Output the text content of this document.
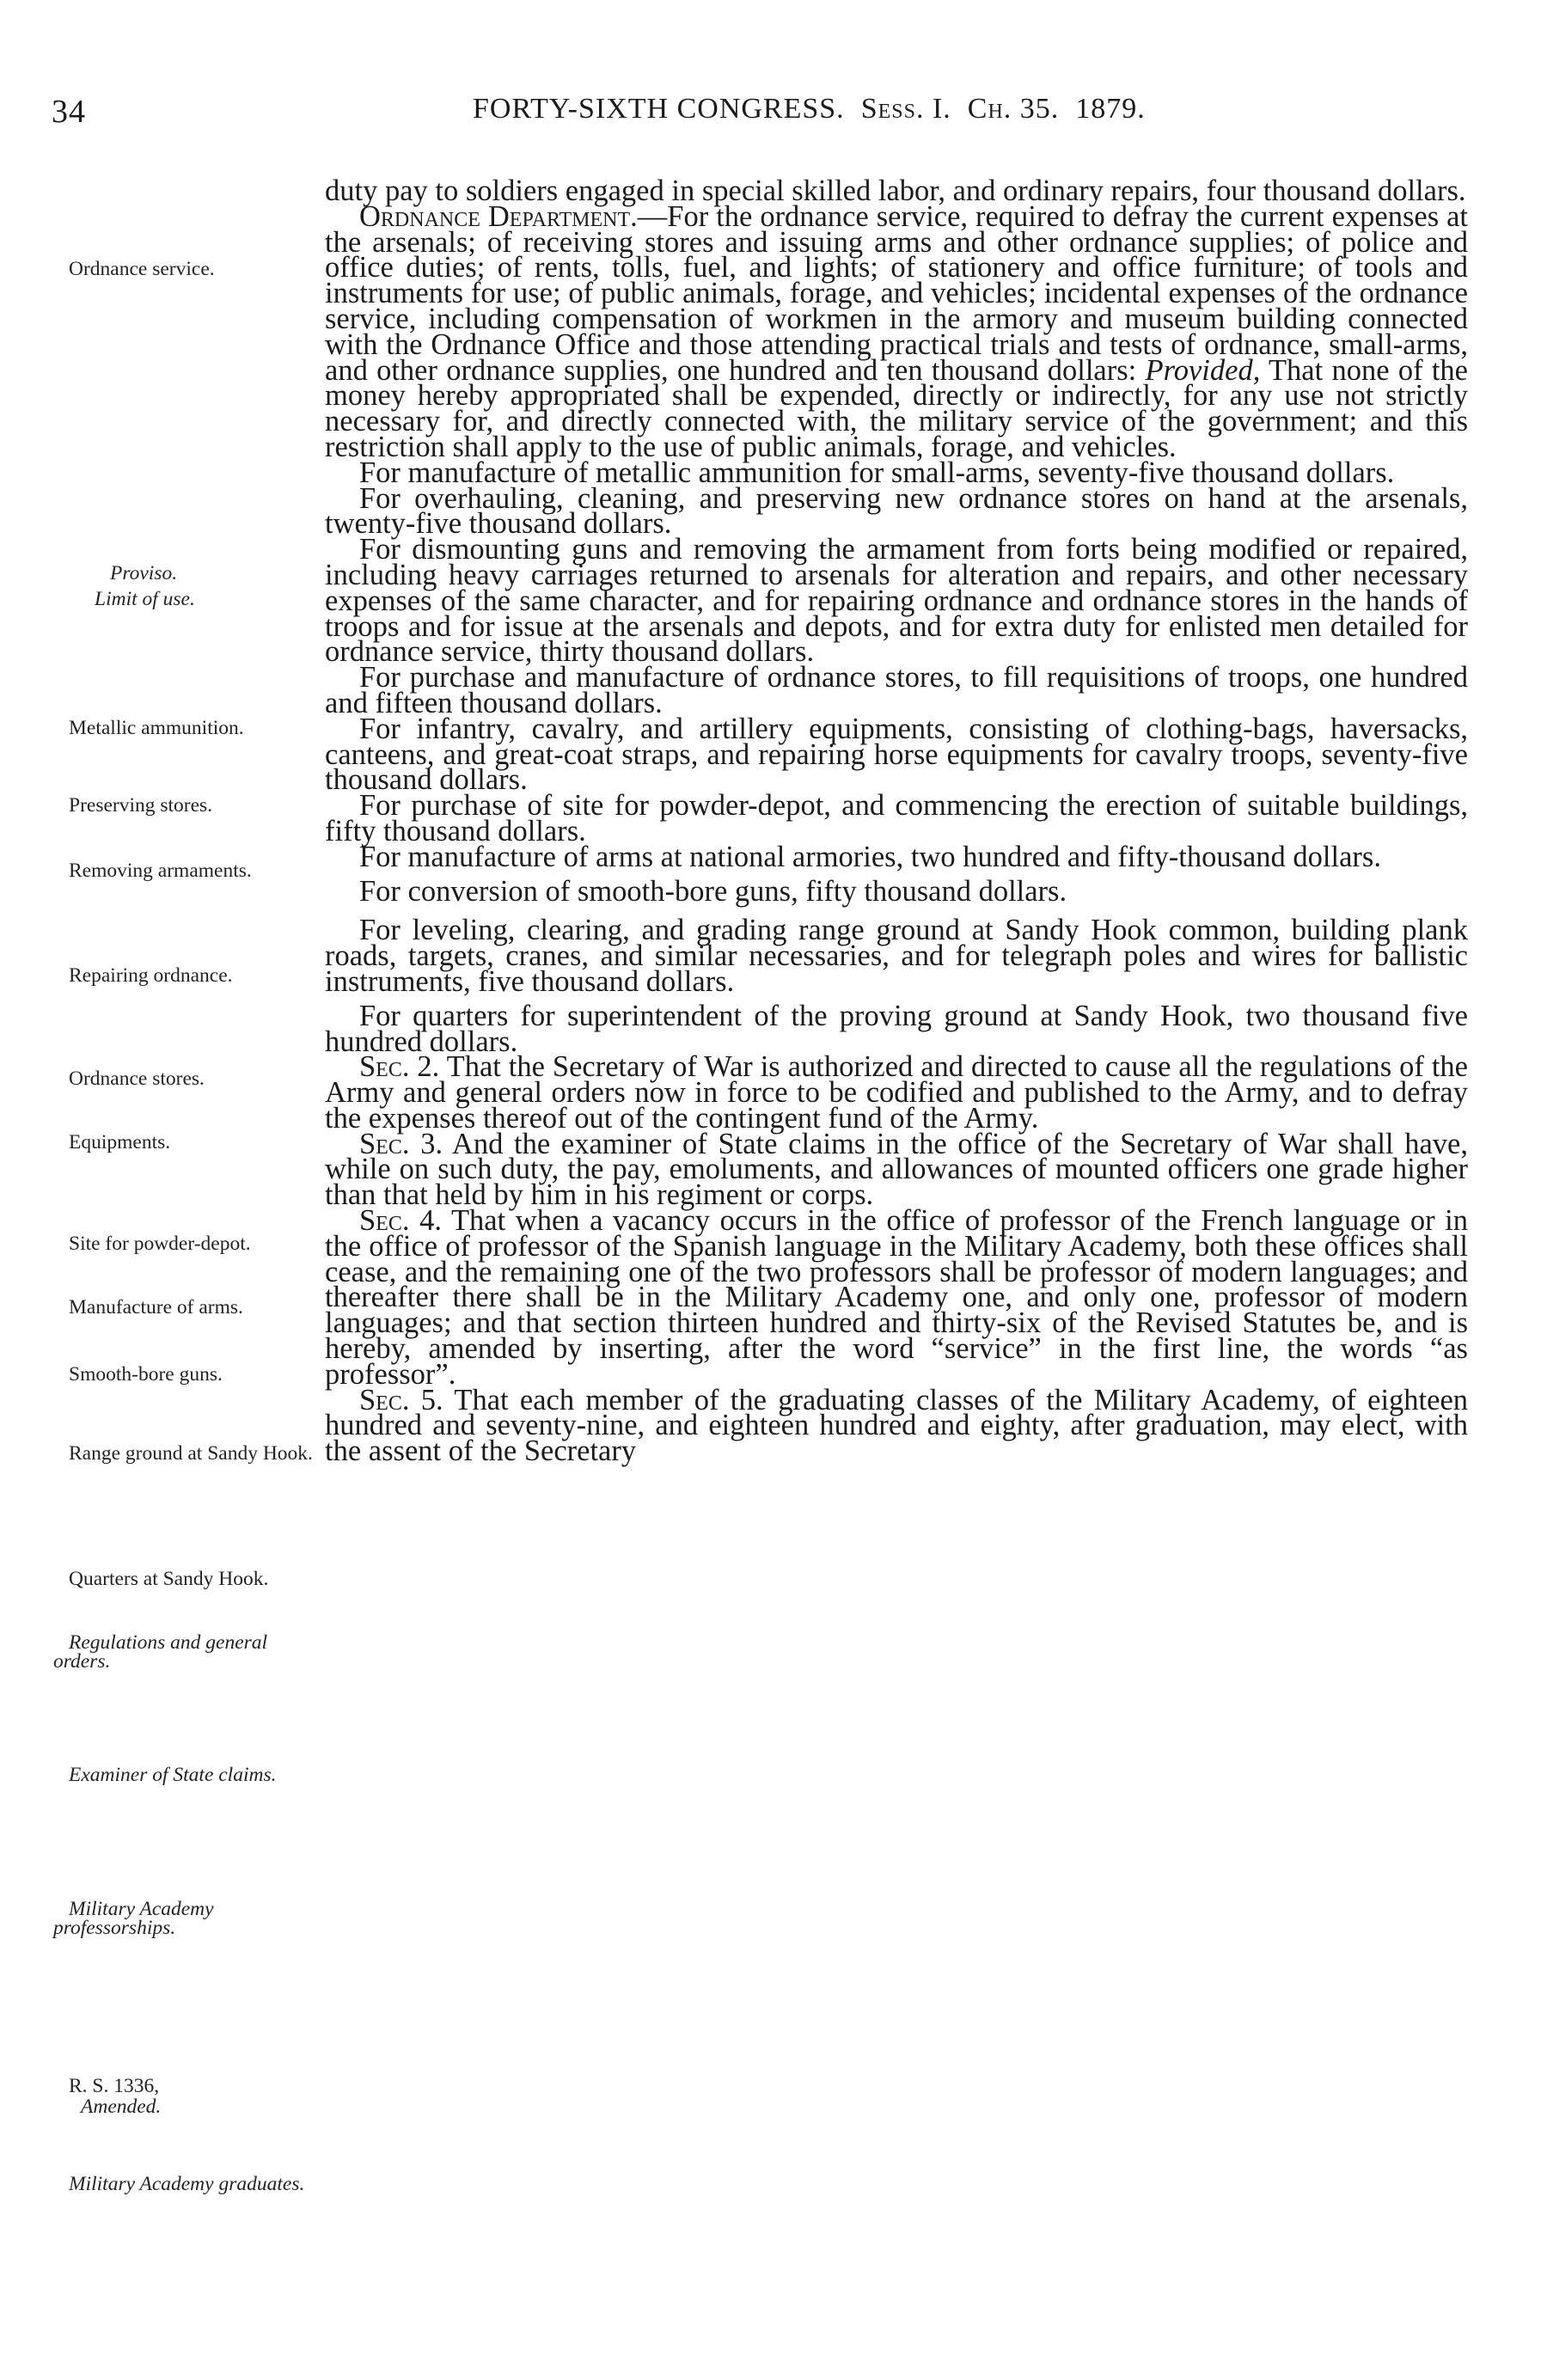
34	FORTY-SIXTH CONGRESS. Sess. I. Ch. 35. 1879.
Ordnance service.
Proviso.
Limit of use.
Metallic ammunition.
Preserving stores.
Removing armaments.
Repairing ordnance.
Ordnance stores.
Equipments.
Site for powder-depot.
Manufacture of arms.
Smooth-bore guns.
Range ground at Sandy Hook.
Quarters at Sandy Hook.
Regulations and general orders.
Examiner of State claims.
Military Academy professorships.
R. S. 1336,
Amended.
Military Academy graduates.

duty pay to soldiers engaged in special skilled labor, and ordinary repairs, four thousand dollars.

Ordnance Department.—For the ordnance service, required to defray the current expenses at the arsenals; of receiving stores and issuing arms and other ordnance supplies; of police and office duties; of rents, tolls, fuel, and lights; of stationery and office furniture; of tools and instruments for use; of public animals, forage, and vehicles; incidental expenses of the ordnance service, including compensation of workmen in the armory and museum building connected with the Ordnance Office and those attending practical trials and tests of ordnance, small-arms, and other ordnance supplies, one hundred and ten thousand dollars: Provided, That none of the money hereby appropriated shall be expended, directly or indirectly, for any use not strictly necessary for, and directly connected with, the military service of the government; and this restriction shall apply to the use of public animals, forage, and vehicles.

For manufacture of metallic ammunition for small-arms, seventy-five thousand dollars.

For overhauling, cleaning, and preserving new ordnance stores on hand at the arsenals, twenty-five thousand dollars.

For dismounting guns and removing the armament from forts being modified or repaired, including heavy carriages returned to arsenals for alteration and repairs, and other necessary expenses of the same character, and for repairing ordnance and ordnance stores in the hands of troops and for issue at the arsenals and depots, and for extra duty for enlisted men detailed for ordnance service, thirty thousand dollars.

For purchase and manufacture of ordnance stores, to fill requisitions of troops, one hundred and fifteen thousand dollars.

For infantry, cavalry, and artillery equipments, consisting of clothing-bags, haversacks, canteens, and great-coat straps, and repairing horse equipments for cavalry troops, seventy-five thousand dollars.

For purchase of site for powder-depot, and commencing the erection of suitable buildings, fifty thousand dollars.

For manufacture of arms at national armories, two hundred and fifty-thousand dollars.

For conversion of smooth-bore guns, fifty thousand dollars.

For leveling, clearing, and grading range ground at Sandy Hook common, building plank roads, targets, cranes, and similar necessaries, and for telegraph poles and wires for ballistic instruments, five thousand dollars.

For quarters for superintendent of the proving ground at Sandy Hook, two thousand five hundred dollars.

Sec. 2. That the Secretary of War is authorized and directed to cause all the regulations of the Army and general orders now in force to be codified and published to the Army, and to defray the expenses thereof out of the contingent fund of the Army.

Sec. 3. And the examiner of State claims in the office of the Secretary of War shall have, while on such duty, the pay, emoluments, and allowances of mounted officers one grade higher than that held by him in his regiment or corps.

Sec. 4. That when a vacancy occurs in the office of professor of the French language or in the office of professor of the Spanish language in the Military Academy, both these offices shall cease, and the remaining one of the two professors shall be professor of modern languages; and thereafter there shall be in the Military Academy one, and only one, professor of modern languages; and that section thirteen hundred and thirty-six of the Revised Statutes be, and is hereby, amended by inserting, after the word “service” in the first line, the words “as professor”.

Sec. 5. That each member of the graduating classes of the Military Academy, of eighteen hundred and seventy-nine, and eighteen hundred and eighty, after graduation, may elect, with the assent of the Secretary
